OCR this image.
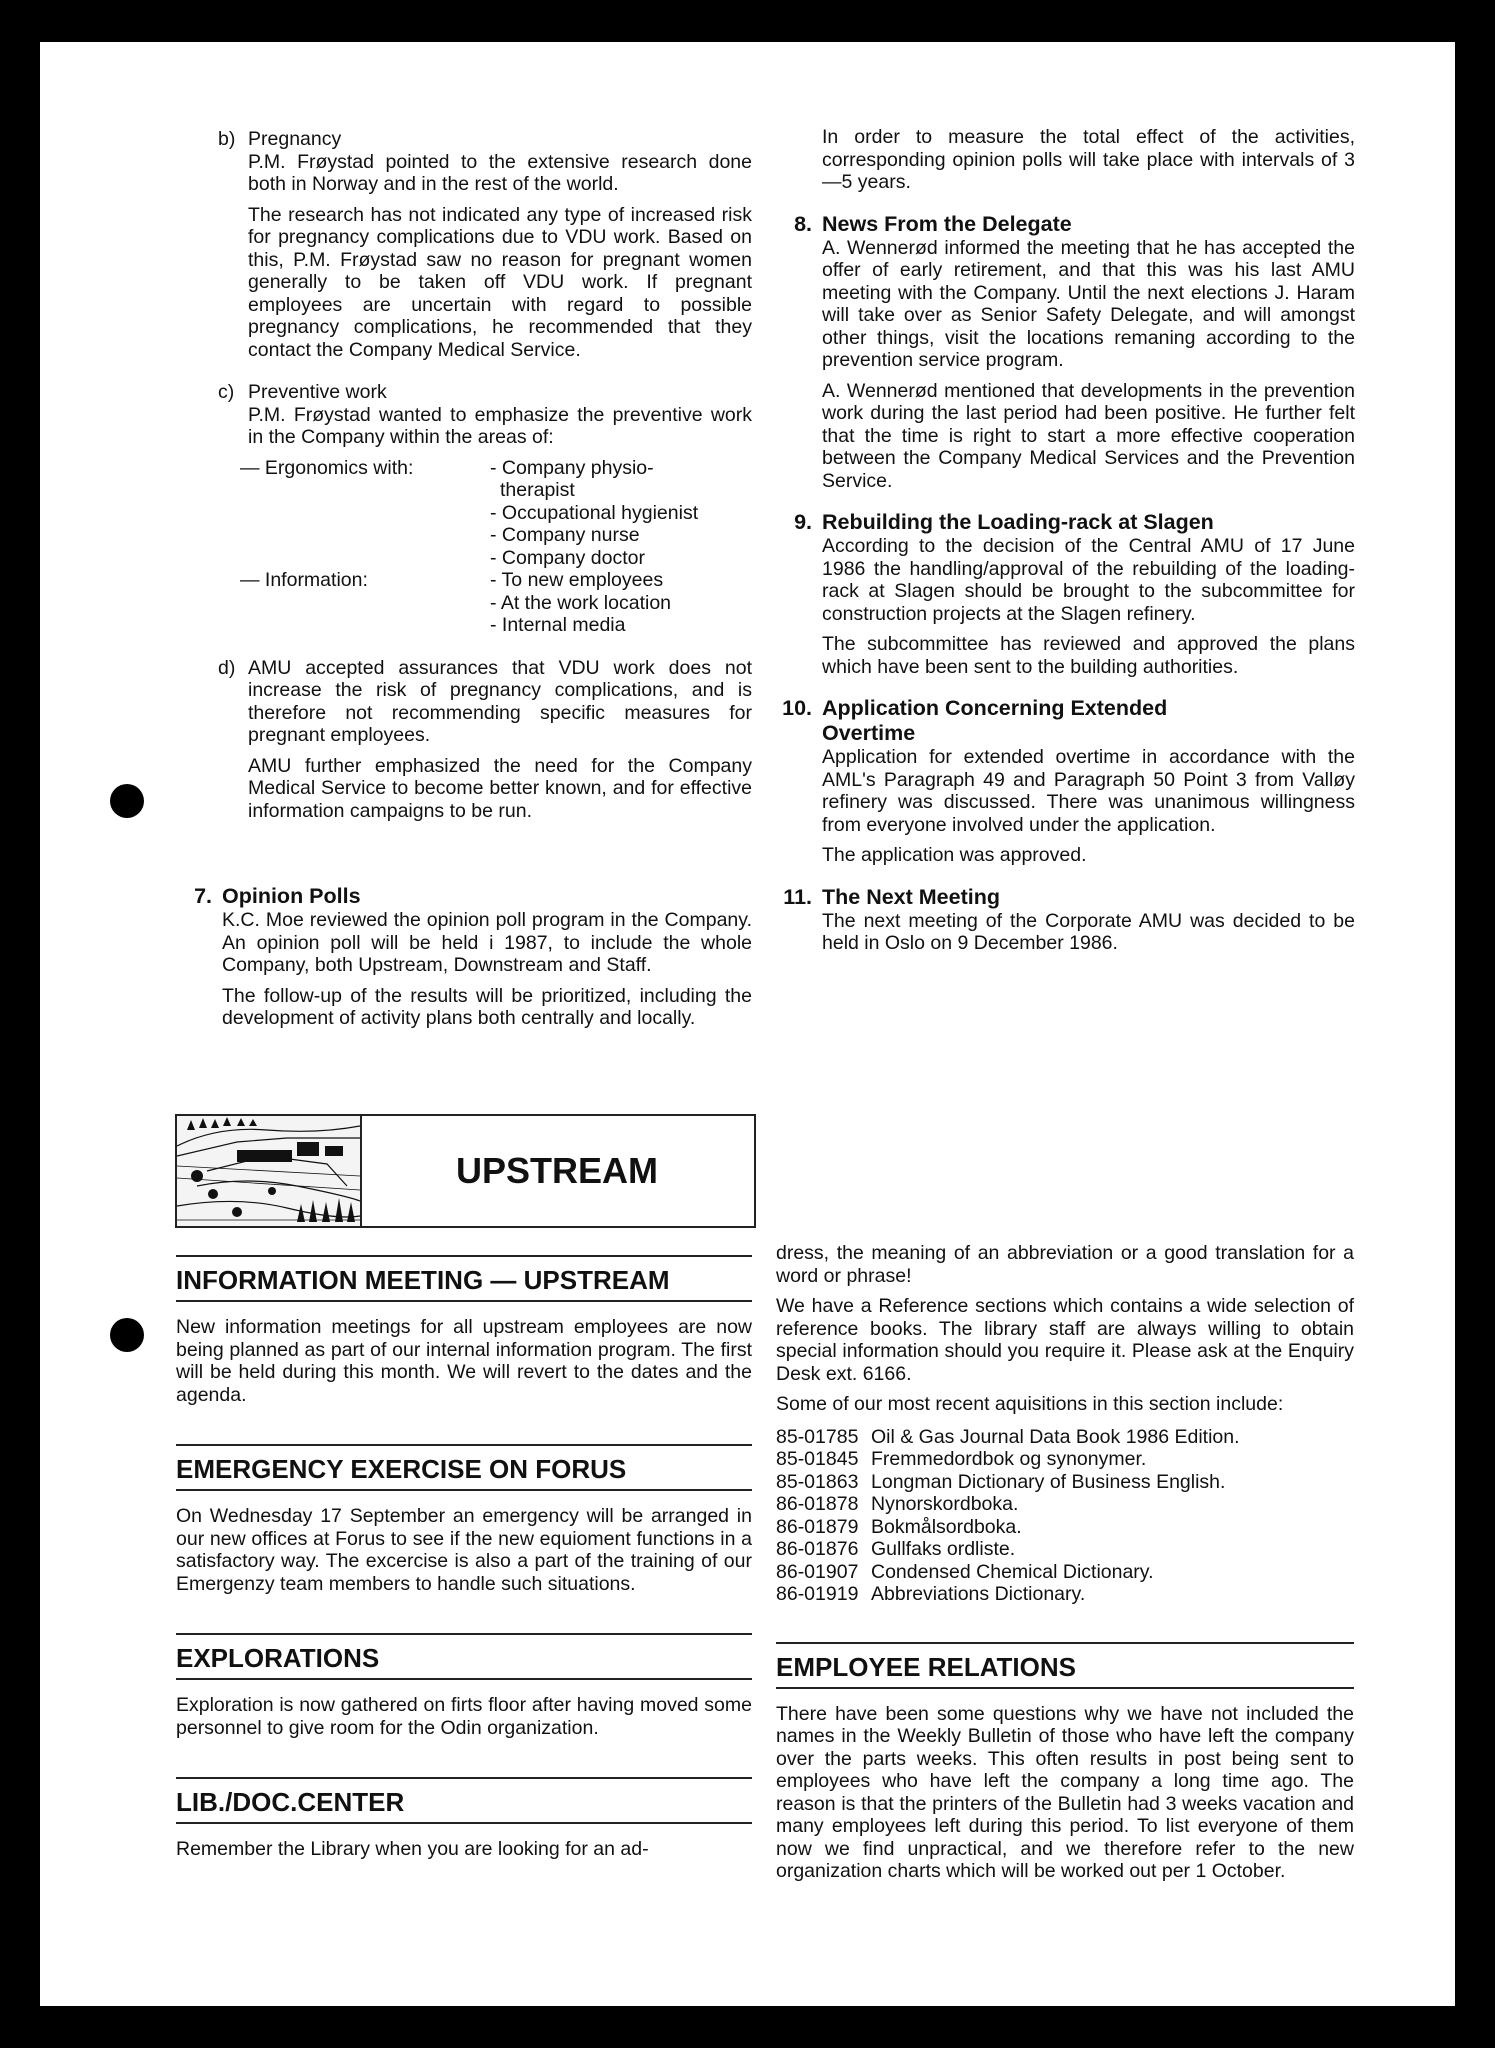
b) Pregnancy

P.M. Frøystad pointed to the extensive research done both in Norway and in the rest of the world.

The research has not indicated any type of increased risk for pregnancy complications due to VDU work. Based on this, P.M. Frøystad saw no reason for pregnant women generally to be taken off VDU work. If pregnant employees are uncertain with regard to possible pregnancy complications, he recommended that they contact the Company Medical Service.

c) Preventive work

P.M. Frøystad wanted to emphasize the preventive work in the Company within the areas of:

— Ergonomics with:	- Company physio-
therapist
- Occupational hygienist
- Company nurse
- Company doctor
— Information:	- To new employees
- At the work location
- Internal media
d) AMU accepted assurances that VDU work does not increase the risk of pregnancy complications, and is therefore not recommending specific measures for pregnant employees.

AMU further emphasized the need for the Company Medical Service to become better known, and for effective information campaigns to be run.

7. Opinion Polls

K.C. Moe reviewed the opinion poll program in the Company. An opinion poll will be held i 1987, to include the whole Company, both Upstream, Downstream and Staff.

The follow-up of the results will be prioritized, including the development of activity plans both centrally and locally.

In order to measure the total effect of the activities, corresponding opinion polls will take place with intervals of 3—5 years.

8. News From the Delegate

A. Wennerød informed the meeting that he has accepted the offer of early retirement, and that this was his last AMU meeting with the Company. Until the next elections J. Haram will take over as Senior Safety Delegate, and will amongst other things, visit the locations remaning according to the prevention service program.

A. Wennerød mentioned that developments in the prevention work during the last period had been positive. He further felt that the time is right to start a more effective cooperation between the Company Medical Services and the Prevention Service.

9. Rebuilding the Loading-rack at Slagen

According to the decision of the Central AMU of 17 June 1986 the handling/approval of the rebuilding of the loading-rack at Slagen should be brought to the subcommittee for construction projects at the Slagen refinery.

The subcommittee has reviewed and approved the plans which have been sent to the building authorities.

10. Application Concerning Extended
Overtime

Application for extended overtime in accordance with the AML's Paragraph 49 and Paragraph 50 Point 3 from Valløy refinery was discussed. There was unanimous willingness from everyone involved under the application.

The application was approved.

11. The Next Meeting

The next meeting of the Corporate AMU was decided to be held in Oslo on 9 December 1986.

UPSTREAM
INFORMATION MEETING — UPSTREAM

New information meetings for all upstream employees are now being planned as part of our internal information program. The first will be held during this month. We will revert to the dates and the agenda.

EMERGENCY EXERCISE ON FORUS

On Wednesday 17 September an emergency will be arranged in our new offices at Forus to see if the new equioment functions in a satisfactory way. The excercise is also a part of the training of our Emergenzy team members to handle such situations.

EXPLORATIONS

Exploration is now gathered on firts floor after having moved some personnel to give room for the Odin organization.

LIB./DOC.CENTER

Remember the Library when you are looking for an ad-

dress, the meaning of an abbreviation or a good translation for a word or phrase!

We have a Reference sections which contains a wide selection of reference books. The library staff are always willing to obtain special information should you require it. Please ask at the Enquiry Desk ext. 6166.

Some of our most recent aquisitions in this section include:

85-01785 Oil & Gas Journal Data Book 1986 Edition.
85-01845 Fremmedordbok og synonymer.
85-01863 Longman Dictionary of Business English.
86-01878 Nynorskordboka.
86-01879 Bokmålsordboka.
86-01876 Gullfaks ordliste.
86-01907 Condensed Chemical Dictionary.
86-01919 Abbreviations Dictionary.
EMPLOYEE RELATIONS

There have been some questions why we have not included the names in the Weekly Bulletin of those who have left the company over the parts weeks. This often results in post being sent to employees who have left the company a long time ago. The reason is that the printers of the Bulletin had 3 weeks vacation and many employees left during this period. To list everyone of them now we find unpractical, and we therefore refer to the new organization charts which will be worked out per 1 October.
